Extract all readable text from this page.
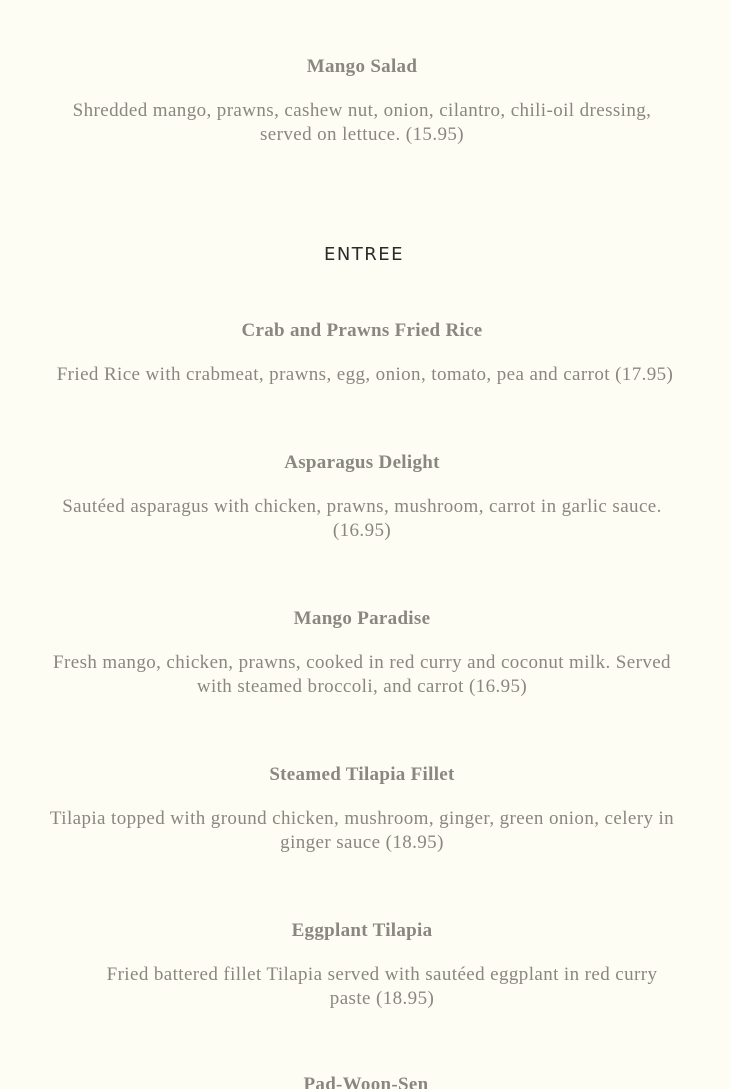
Mango Salad
Shredded mango, prawns, cashew nut, onion, cilantro, chili-oil dressing,
served on lettuce. (15.95)
ENTREE
Crab and Prawns Fried Rice
Fried Rice with crabmeat, prawns, egg, onion, tomato, pea and carrot (17.95)
Asparagus Delight
Sautéed asparagus with chicken, prawns, mushroom, carrot in garlic sauce.
(16.95)
Mango Paradise
Fresh mango, chicken, prawns, cooked in red curry and coconut milk. Served
with steamed broccoli, and carrot (16.95)
Steamed Tilapia Fillet
Tilapia topped with ground chicken, mushroom, ginger, green onion, celery in
ginger sauce (18.95)
Eggplant Tilapia
Fried battered fillet Tilapia served with sautéed eggplant in red curry
paste (18.95)
Pad-Woon-Sen
